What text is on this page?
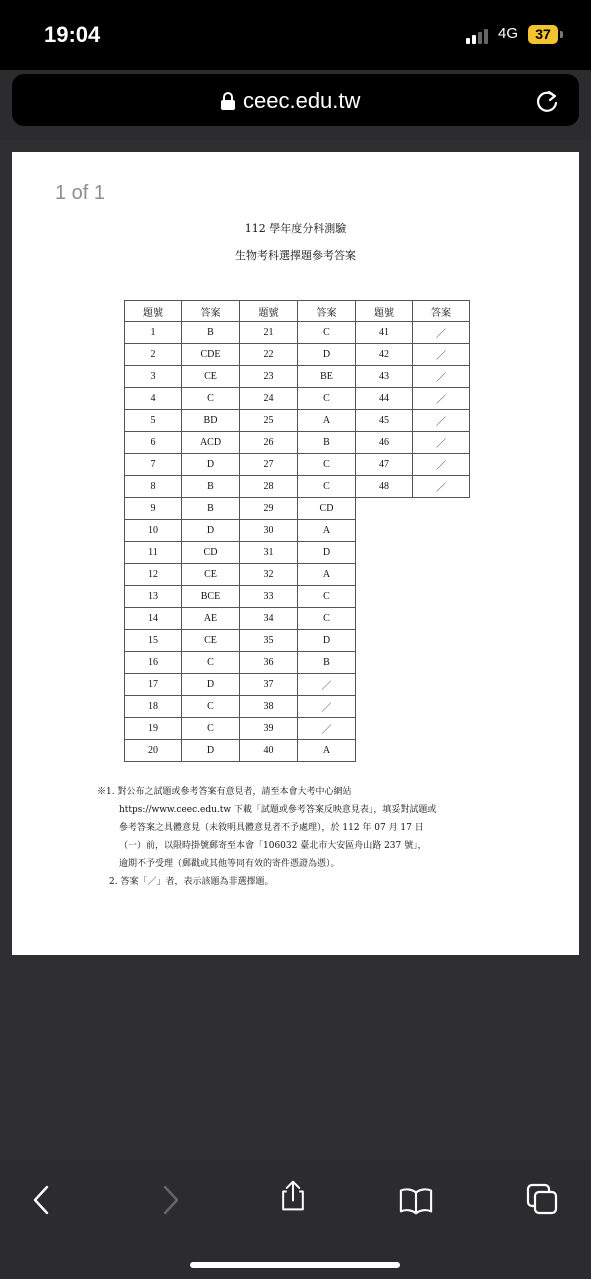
19:04	4G	37
ceec.edu.tw
1 of 1
112 學年度分科測驗
生物考科選擇題參考答案
題號	答案	題號	答案	題號	答案
1	B	21	C	41	／
2	CDE	22	D	42	／
3	CE	23	BE	43	／
4	C	24	C	44	／
5	BD	25	A	45	／
6	ACD	26	B	46	／
7	D	27	C	47	／
8	B	28	C	48	／
9	B	29	CD		
10	D	30	A		
11	CD	31	D		
12	CE	32	A		
13	BCE	33	C		
14	AE	34	C		
15	CE	35	D		
16	C	36	B		
17	D	37	／		
18	C	38	／		
19	C	39	／		
20	D	40	A		

※1. 對公布之試題或參考答案有意見者，請至本會大考中心網站

https://www.ceec.edu.tw 下載「試題或參考答案反映意見表」，填妥對試題或

參考答案之具體意見（未敘明具體意見者不予處理），於 112 年 07 月 17 日

（一）前，以限時掛號郵寄至本會「106032 臺北市大安區舟山路 237 號」，

逾期不予受理（郵戳或其他等同有效的寄件憑證為憑）。

2. 答案「／」者，表示該題為非選擇題。
